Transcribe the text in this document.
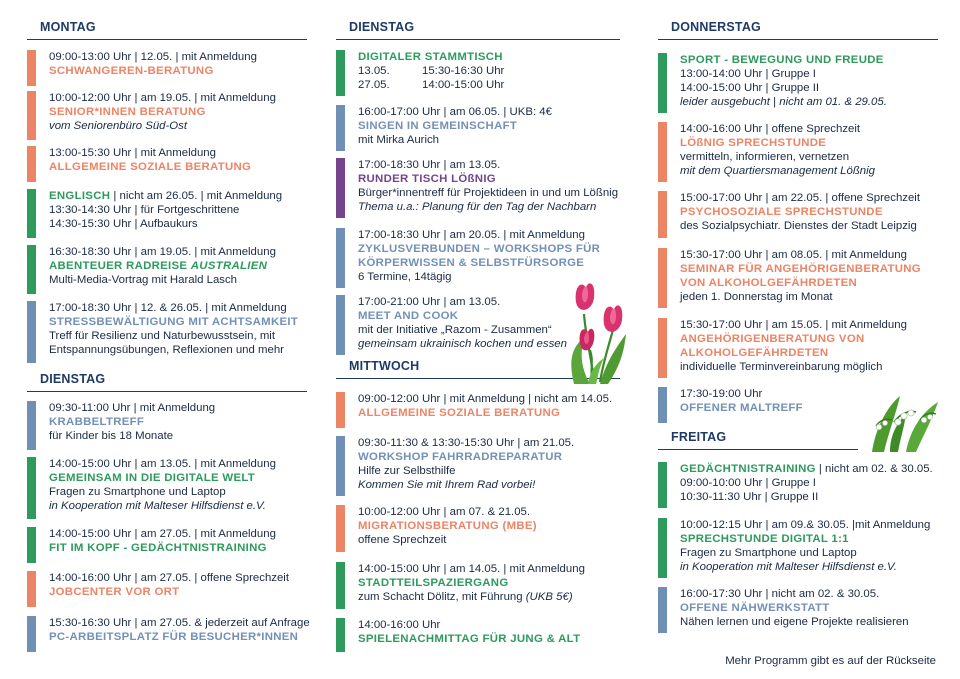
MONTAG
09:00-13:00 Uhr | 12.05. | mit Anmeldung
SCHWANGEREN-BERATUNG
10:00-12:00 Uhr | am 19.05. | mit Anmeldung
SENIOR*INNEN BERATUNG
vom Seniorenbüro Süd-Ost
13:00-15:30 Uhr | mit Anmeldung
ALLGEMEINE SOZIALE BERATUNG
ENGLISCH | nicht am 26.05. | mit Anmeldung
13:30-14:30 Uhr | für Fortgeschrittene
14:30-15:30 Uhr | Aufbaukurs
16:30-18:30 Uhr | am 19.05. | mit Anmeldung
ABENTEUER RADREISE AUSTRALIEN
Multi-Media-Vortrag mit Harald Lasch
17:00-18:30 Uhr | 12. & 26.05. | mit Anmeldung
STRESSBEWÄLTIGUNG MIT ACHTSAMKEIT
Treff für Resilienz und Naturbewusstsein, mit
Entspannungsübungen, Reflexionen und mehr
DIENSTAG
09:30-11:00 Uhr | mit Anmeldung
KRABBELTREFF
für Kinder bis 18 Monate
14:00-15:00 Uhr | am 13.05. | mit Anmeldung
GEMEINSAM IN DIE DIGITALE WELT
Fragen zu Smartphone und Laptop
in Kooperation mit Malteser Hilfsdienst e.V.
14:00-15:00 Uhr | am 27.05. | mit Anmeldung
FIT IM KOPF - GEDÄCHTNISTRAINING
14:00-16:00 Uhr | am 27.05. | offene Sprechzeit
JOBCENTER VOR ORT
15:30-16:30 Uhr | am 27.05. & jederzeit auf Anfrage
PC-ARBEITSPLATZ FÜR BESUCHER*INNEN
DIENSTAG
DIGITALER STAMMTISCH
13.05.	15:30-16:30 Uhr
27.05.	14:00-15:00 Uhr
16:00-17:00 Uhr | am 06.05. | UKB: 4€
SINGEN IN GEMEINSCHAFT
mit Mirka Aurich
17:00-18:30 Uhr | am 13.05.
RUNDER TISCH LÖßNIG
Bürger*innentreff für Projektideen in und um Lößnig
Thema u.a.: Planung für den Tag der Nachbarn
17:00-18:30 Uhr | am 20.05. | mit Anmeldung
ZYKLUSVERBUNDEN – WORKSHOPS FÜR
KÖRPERWISSEN & SELBSTFÜRSORGE
6 Termine, 14tägig
17:00-21:00 Uhr | am 13.05.
MEET AND COOK
mit der Initiative „Razom - Zusammen“
gemeinsam ukrainisch kochen und essen
MITTWOCH
09:00-12:00 Uhr | mit Anmeldung | nicht am 14.05.
ALLGEMEINE SOZIALE BERATUNG
09:30-11:30 & 13:30-15:30 Uhr | am 21.05.
WORKSHOP FAHRRADREPARATUR
Hilfe zur Selbsthilfe
Kommen Sie mit Ihrem Rad vorbei!
10:00-12:00 Uhr | am 07. & 21.05.
MIGRATIONSBERATUNG (MBE)
offene Sprechzeit
14:00-15:00 Uhr | am 14.05. | mit Anmeldung
STADTTEILSPAZIERGANG
zum Schacht Dölitz, mit Führung (UKB 5€)
14:00-16:00 Uhr
SPIELENACHMITTAG FÜR JUNG & ALT
DONNERSTAG
SPORT - BEWEGUNG UND FREUDE
13:00-14:00 Uhr | Gruppe I
14:00-15:00 Uhr | Gruppe II
leider ausgebucht | nicht am 01. & 29.05.
14:00-16:00 Uhr | offene Sprechzeit
LÖßNIG SPRECHSTUNDE
vermitteln, informieren, vernetzen
mit dem Quartiersmanagement Lößnig
15:00-17:00 Uhr | am 22.05. | offene Sprechzeit
PSYCHOSOZIALE SPRECHSTUNDE
des Sozialpsychiatr. Dienstes der Stadt Leipzig
15:30-17:00 Uhr | am 08.05. | mit Anmeldung
SEMINAR FÜR ANGEHÖRIGENBERATUNG
VON ALKOHOLGEFÄHRDETEN
jeden 1. Donnerstag im Monat
15:30-17:00 Uhr | am 15.05. | mit Anmeldung
ANGEHÖRIGENBERATUNG VON
ALKOHOLGEFÄHRDETEN
individuelle Terminvereinbarung möglich
17:30-19:00 Uhr
OFFENER MALTREFF
FREITAG
GEDÄCHTNISTRAINING | nicht am 02. & 30.05.
09:00-10:00 Uhr | Gruppe I
10:30-11:30 Uhr | Gruppe II
10:00-12:15 Uhr | am 09.& 30.05. |mit Anmeldung
SPRECHSTUNDE DIGITAL 1:1
Fragen zu Smartphone und Laptop
in Kooperation mit Malteser Hilfsdienst e.V.
16:00-17:30 Uhr | nicht am 02. & 30.05.
OFFENE NÄHWERKSTATT
Nähen lernen und eigene Projekte realisieren
Mehr Programm gibt es auf der Rückseite
